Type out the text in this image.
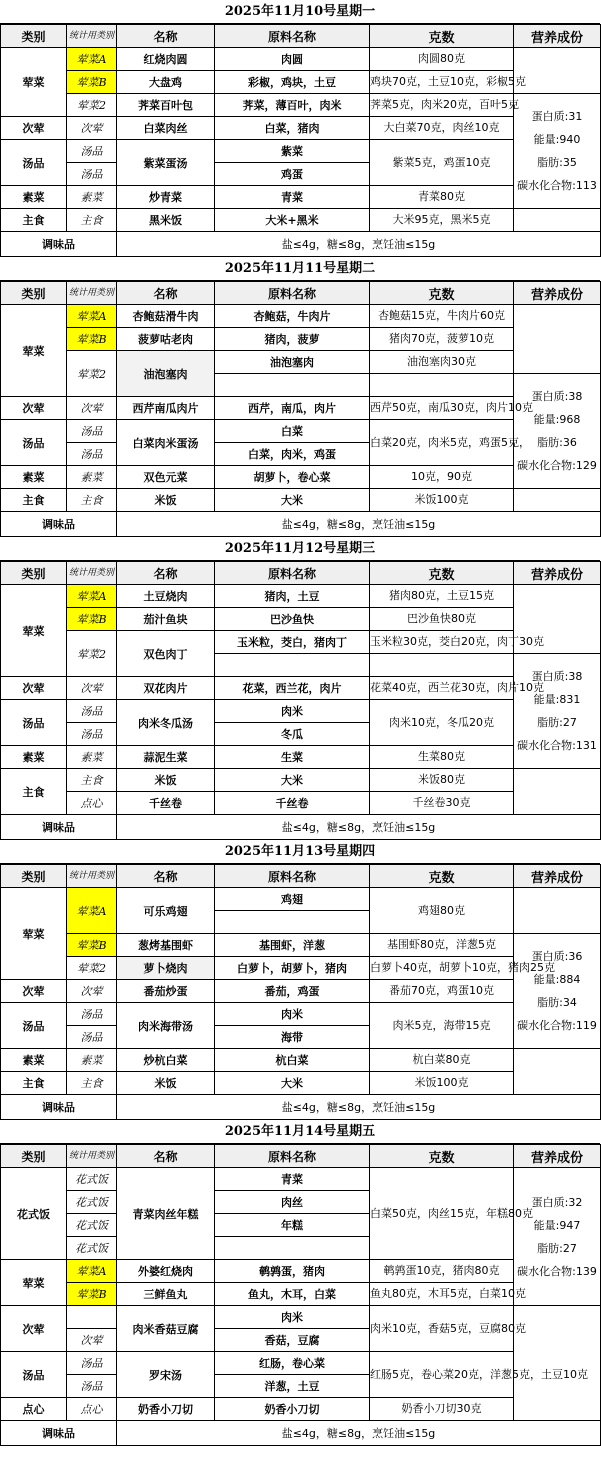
2025年11月10号星期一
类别	统计用类别	名称	原料名称	克数	营养成份
荤菜	荤菜A	红烧肉圆	肉圆	肉圆80克	
	荤菜B	大盘鸡	彩椒，鸡块，土豆	鸡块70克，土豆10克，彩椒5克	
	荤菜2	荠菜百叶包	荠菜，薄百叶，肉米	荠菜5克，肉米20克，百叶5克	蛋白质:31
能量:940
脂肪:35
碳水化合物:113

次荤	次荤	白菜肉丝	白菜，猪肉	大白菜70克，肉丝10克	
汤品	汤品	紫菜蛋汤	紫菜	紫菜5克，鸡蛋10克	
	汤品		鸡蛋		
素菜	素菜	炒青菜	青菜	青菜80克	
主食	主食	黑米饭	大米+黑米	大米95克，黑米5克	
调味品		盐≤4g，糖≤8g，烹饪油≤15g			
2025年11月11号星期二
类别	统计用类别	名称	原料名称	克数	营养成份
荤菜	荤菜A	杏鲍菇滑牛肉	杏鲍菇，牛肉片	杏鲍菇15克，牛肉片60克	
	荤菜B	菠萝咕老肉	猪肉，菠萝	猪肉70克，菠萝10克	
	荤菜2	油泡塞肉	油泡塞肉	油泡塞肉30克	

					蛋白质:38
能量:968
脂肪:36
碳水化合物:129

次荤	次荤	西芹南瓜肉片	西芹，南瓜，肉片	西芹50克，南瓜30克，肉片10克	
汤品	汤品	白菜肉米蛋汤	白菜	白菜20克，肉米5克，鸡蛋5克，	
	汤品		白菜，肉米，鸡蛋		
素菜	素菜	双色元菜	胡萝卜，卷心菜	10克，90克	
主食	主食	米饭	大米	米饭100克	
调味品		盐≤4g，糖≤8g，烹饪油≤15g			
2025年11月12号星期三
类别	统计用类别	名称	原料名称	克数	营养成份
荤菜	荤菜A	土豆烧肉	猪肉，土豆	猪肉80克，土豆15克	
	荤菜B	茄汁鱼块	巴沙鱼快	巴沙鱼快80克	
	荤菜2	双色肉丁	玉米粒，茭白，猪肉丁	玉米粒30克，茭白20克，肉丁30克	

					蛋白质:38
能量:831
脂肪:27
碳水化合物:131

次荤	次荤	双花肉片	花菜，西兰花，肉片	花菜40克，西兰花30克，肉片10克	
汤品	汤品	肉米冬瓜汤	肉米	肉米10克，冬瓜20克	
	汤品		冬瓜		
素菜	素菜	蒜泥生菜	生菜	生菜80克	
主食	主食	米饭	大米	米饭80克	
	点心	千丝卷	千丝卷	千丝卷30克	
调味品		盐≤4g，糖≤8g，烹饪油≤15g			
2025年11月13号星期四
类别	统计用类别	名称	原料名称	克数	营养成份
荤菜	荤菜A	可乐鸡翅	鸡翅	鸡翅80克	

	荤菜B	葱烤基围虾	基围虾，洋葱	基围虾80克，洋葱5克	蛋白质:36
能量:884
脂肪:34
碳水化合物:119

	荤菜2	萝卜烧肉	白萝卜，胡萝卜，猪肉	白萝卜40克，胡萝卜10克，猪肉25克	
次荤	次荤	番茄炒蛋	番茄，鸡蛋	番茄70克，鸡蛋10克	
汤品	汤品	肉米海带汤	肉米	肉米5克，海带15克	
	汤品		海带		
素菜	素菜	炒杭白菜	杭白菜	杭白菜80克	
主食	主食	米饭	大米	米饭100克	
调味品		盐≤4g，糖≤8g，烹饪油≤15g			
2025年11月14号星期五
类别	统计用类别	名称	原料名称	克数	营养成份
花式饭	花式饭	青菜肉丝年糕	青菜	白菜50克，肉丝15克，年糕80克	蛋白质:32
能量:947
脂肪:27
碳水化合物:139

	花式饭		肉丝		
	花式饭		年糕		
	花式饭				
荤菜	荤菜A	外婆红烧肉	鹌鹑蛋，猪肉	鹌鹑蛋10克，猪肉80克	
	荤菜B	三鲜鱼丸	鱼丸，木耳，白菜	鱼丸80克，木耳5克，白菜10克	
次荤		肉米香菇豆腐	肉米	肉米10克，香菇5克，豆腐80克	
	次荤		香菇，豆腐		
汤品	汤品	罗宋汤	红肠，卷心菜	红肠5克，卷心菜20克，洋葱5克，土豆10克	
	汤品		洋葱，土豆		
点心	点心	奶香小刀切	奶香小刀切	奶香小刀切30克	
调味品		盐≤4g，糖≤8g，烹饪油≤15g			
